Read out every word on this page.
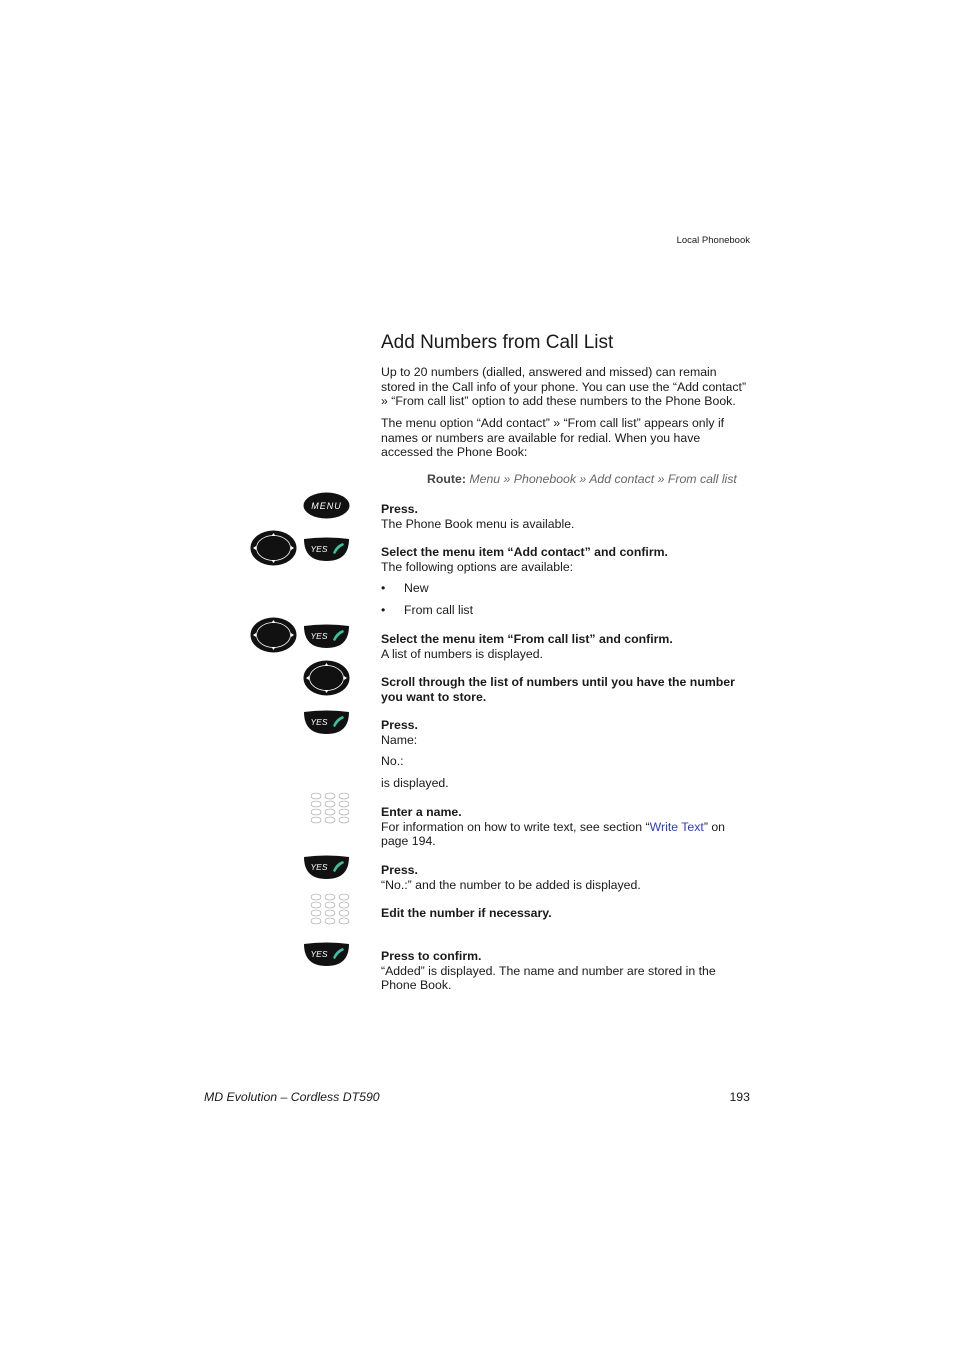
Local Phonebook
Add Numbers from Call List

Up to 20 numbers (dialled, answered and missed) can remain stored in the Call info of your phone. You can use the “Add contact” » “From call list” option to add these numbers to the Phone Book.

The menu option “Add contact” » “From call list” appears only if names or numbers are available for redial. When you have accessed the Phone Book:

Route: Menu » Phonebook » Add contact » From call list
MENU
YES
YES
YES
YES
YES
Press.
The Phone Book menu is available.
Select the menu item “Add contact” and confirm.
The following options are available:
• New
• From call list
Select the menu item “From call list” and confirm.
A list of numbers is displayed.
Scroll through the list of numbers until you have the number you want to store.
Press.
Name:
No.:
is displayed.
Enter a name.
For information on how to write text, see section “Write Text” on page 194.
Press.
“No.:” and the number to be added is displayed.
Edit the number if necessary.
Press to confirm.
“Added” is displayed. The name and number are stored in the Phone Book.
MD Evolution – Cordless DT590	193
